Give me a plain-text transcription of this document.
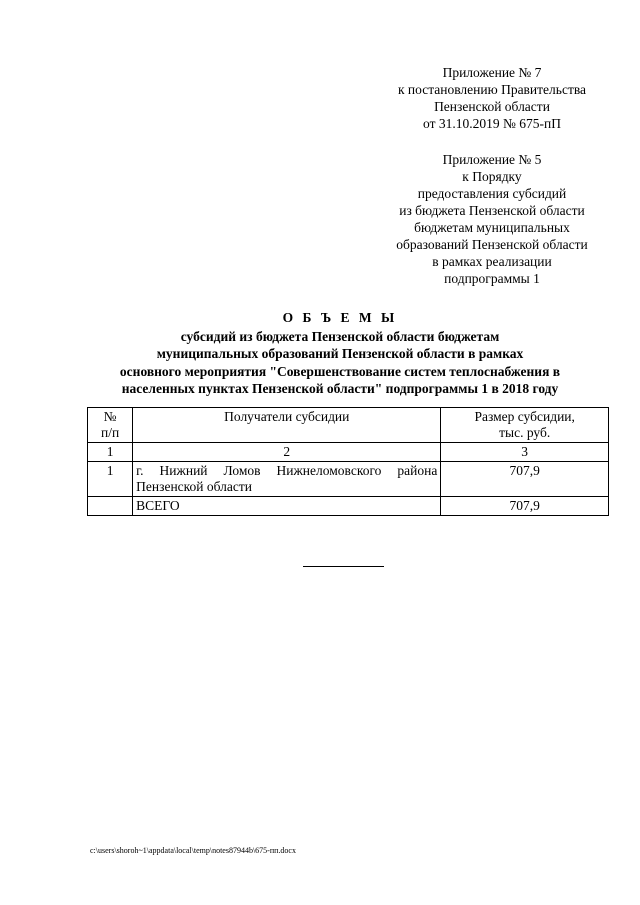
Приложение № 7
к постановлению Правительства
Пензенской области
от 31.10.2019 № 675-пП
Приложение № 5
к Порядку
предоставления субсидий
из бюджета Пензенской области
бюджетам муниципальных
образований Пензенской области
в рамках реализации
подпрограммы 1
О Б Ъ Е М Ы
субсидий из бюджета Пензенской области бюджетам
муниципальных образований Пензенской области в рамках
основного мероприятия "Совершенствование систем теплоснабжения в
населенных пунктах Пензенской области" подпрограммы 1 в 2018 году
№
п/п	Получатели субсидии	Размер субсидии,
тыс. руб.
1	2	3
1	г. Нижний Ломов Нижнеломовского района Пензенской области	707,9
	ВСЕГО	707,9
c:\users\shoroh~1\appdata\local\temp\notes87944b\675-пп.docx
